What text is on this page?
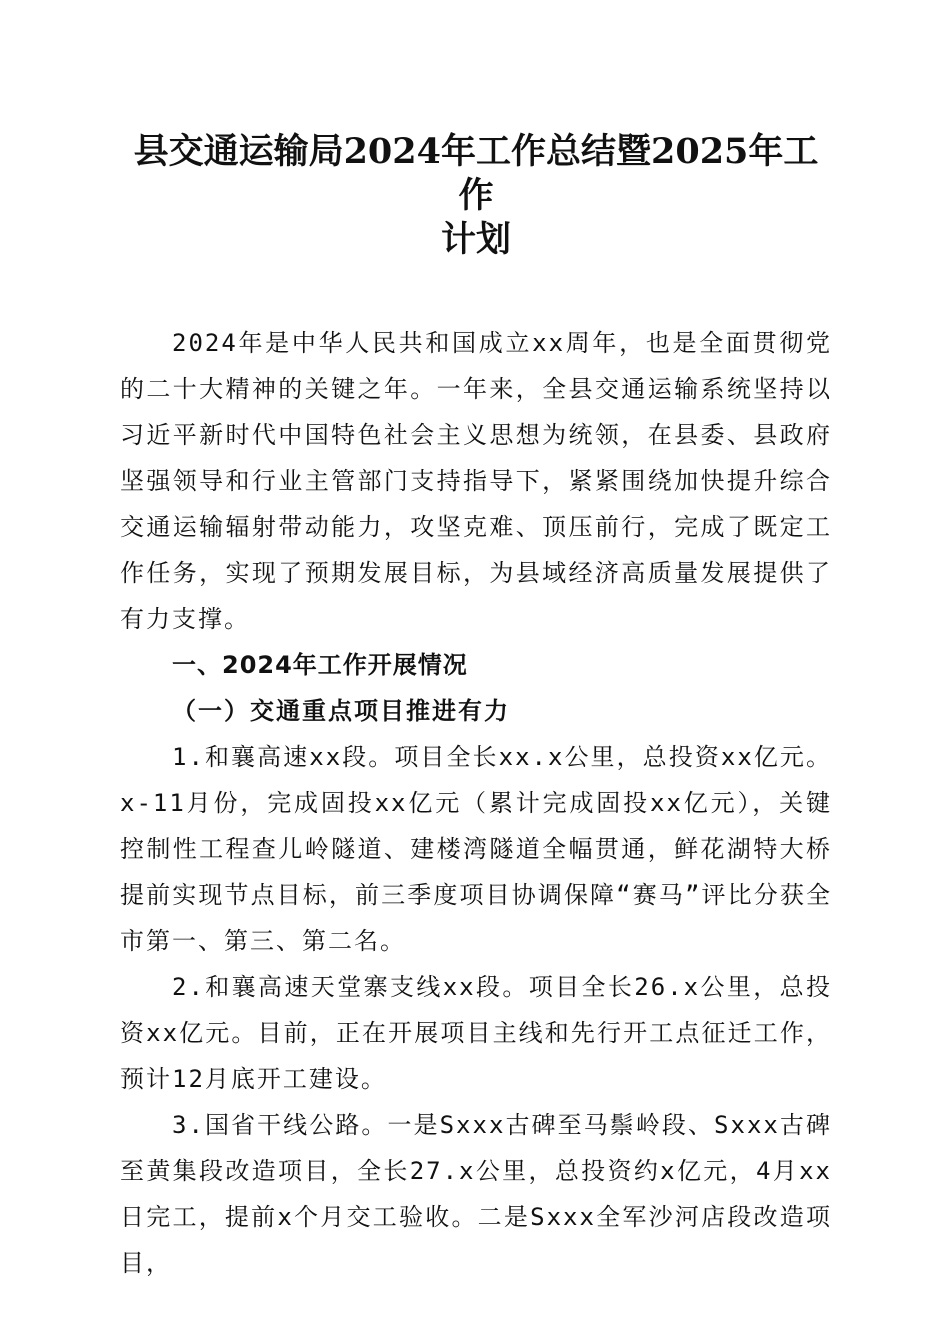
县交通运输局2024年工作总结暨2025年工作
计划

2024年是中华人民共和国成立xx周年，也是全面贯彻党的二十大精神的关键之年。一年来，全县交通运输系统坚持以习近平新时代中国特色社会主义思想为统领，在县委、县政府坚强领导和行业主管部门支持指导下，紧紧围绕加快提升综合交通运输辐射带动能力，攻坚克难、顶压前行，完成了既定工作任务，实现了预期发展目标，为县域经济高质量发展提供了有力支撑。

一、2024年工作开展情况

（一）交通重点项目推进有力

1.和襄高速xx段。项目全长xx.x公里，总投资xx亿元。x-11月份，完成固投xx亿元（累计完成固投xx亿元），关键控制性工程查儿岭隧道、建楼湾隧道全幅贯通，鲜花湖特大桥提前实现节点目标，前三季度项目协调保障“赛马”评比分获全市第一、第三、第二名。

2.和襄高速天堂寨支线xx段。项目全长26.x公里，总投资xx亿元。目前，正在开展项目主线和先行开工点征迁工作，预计12月底开工建设。

3.国省干线公路。一是Sxxx古碑至马鬃岭段、Sxxx古碑至黄集段改造项目，全长27.x公里，总投资约x亿元，4月xx日完工，提前x个月交工验收。二是Sxxx全军沙河店段改造项目，
